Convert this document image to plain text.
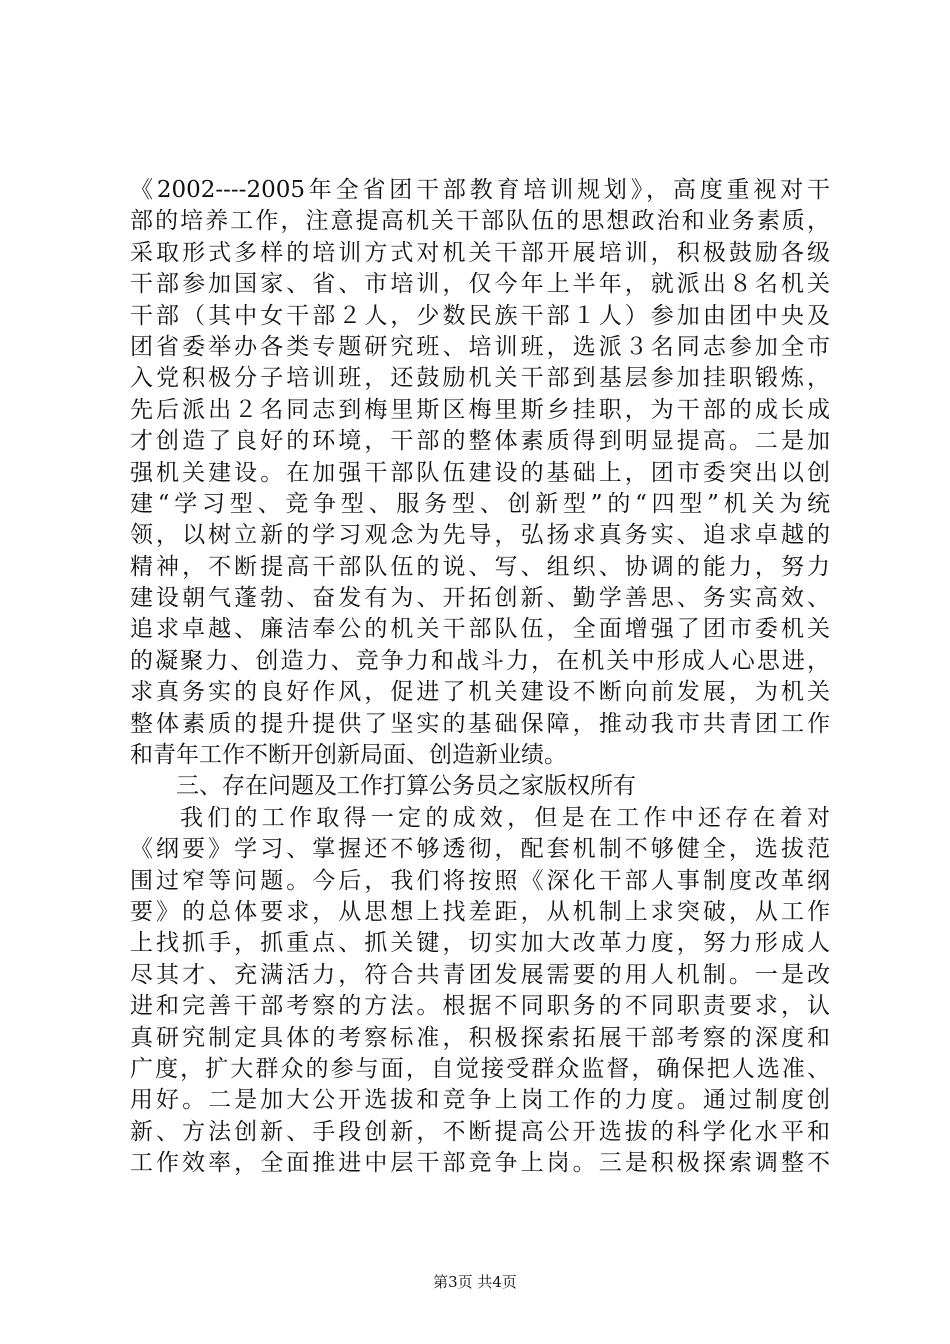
《2002----2005年全省团干部教育培训规划》，高度重视对干
部的培养工作，注意提高机关干部队伍的思想政治和业务素质，
采取形式多样的培训方式对机关干部开展培训，积极鼓励各级
干部参加国家、省、市培训，仅今年上半年，就派出８名机关
干部（其中女干部２人，少数民族干部１人）参加由团中央及
团省委举办各类专题研究班、培训班，选派３名同志参加全市
入党积极分子培训班，还鼓励机关干部到基层参加挂职锻炼，
先后派出２名同志到梅里斯区梅里斯乡挂职，为干部的成长成
才创造了良好的环境，干部的整体素质得到明显提高。二是加
强机关建设。在加强干部队伍建设的基础上，团市委突出以创
建“学习型、竞争型、服务型、创新型”的“四型”机关为统
领，以树立新的学习观念为先导，弘扬求真务实、追求卓越的
精神，不断提高干部队伍的说、写、组织、协调的能力，努力
建设朝气蓬勃、奋发有为、开拓创新、勤学善思、务实高效、
追求卓越、廉洁奉公的机关干部队伍，全面增强了团市委机关
的凝聚力、创造力、竞争力和战斗力，在机关中形成人心思进，
求真务实的良好作风，促进了机关建设不断向前发展，为机关
整体素质的提升提供了坚实的基础保障，推动我市共青团工作
和青年工作不断开创新局面、创造新业绩。
三、存在问题及工作打算公务员之家版权所有
我们的工作取得一定的成效，但是在工作中还存在着对
《纲要》学习、掌握还不够透彻，配套机制不够健全，选拔范
围过窄等问题。今后，我们将按照《深化干部人事制度改革纲
要》的总体要求，从思想上找差距，从机制上求突破，从工作
上找抓手，抓重点、抓关键，切实加大改革力度，努力形成人
尽其才、充满活力，符合共青团发展需要的用人机制。一是改
进和完善干部考察的方法。根据不同职务的不同职责要求，认
真研究制定具体的考察标准，积极探索拓展干部考察的深度和
广度，扩大群众的参与面，自觉接受群众监督，确保把人选准、
用好。二是加大公开选拔和竞争上岗工作的力度。通过制度创
新、方法创新、手段创新，不断提高公开选拔的科学化水平和
工作效率，全面推进中层干部竞争上岗。三是积极探索调整不
第3页 共4页
